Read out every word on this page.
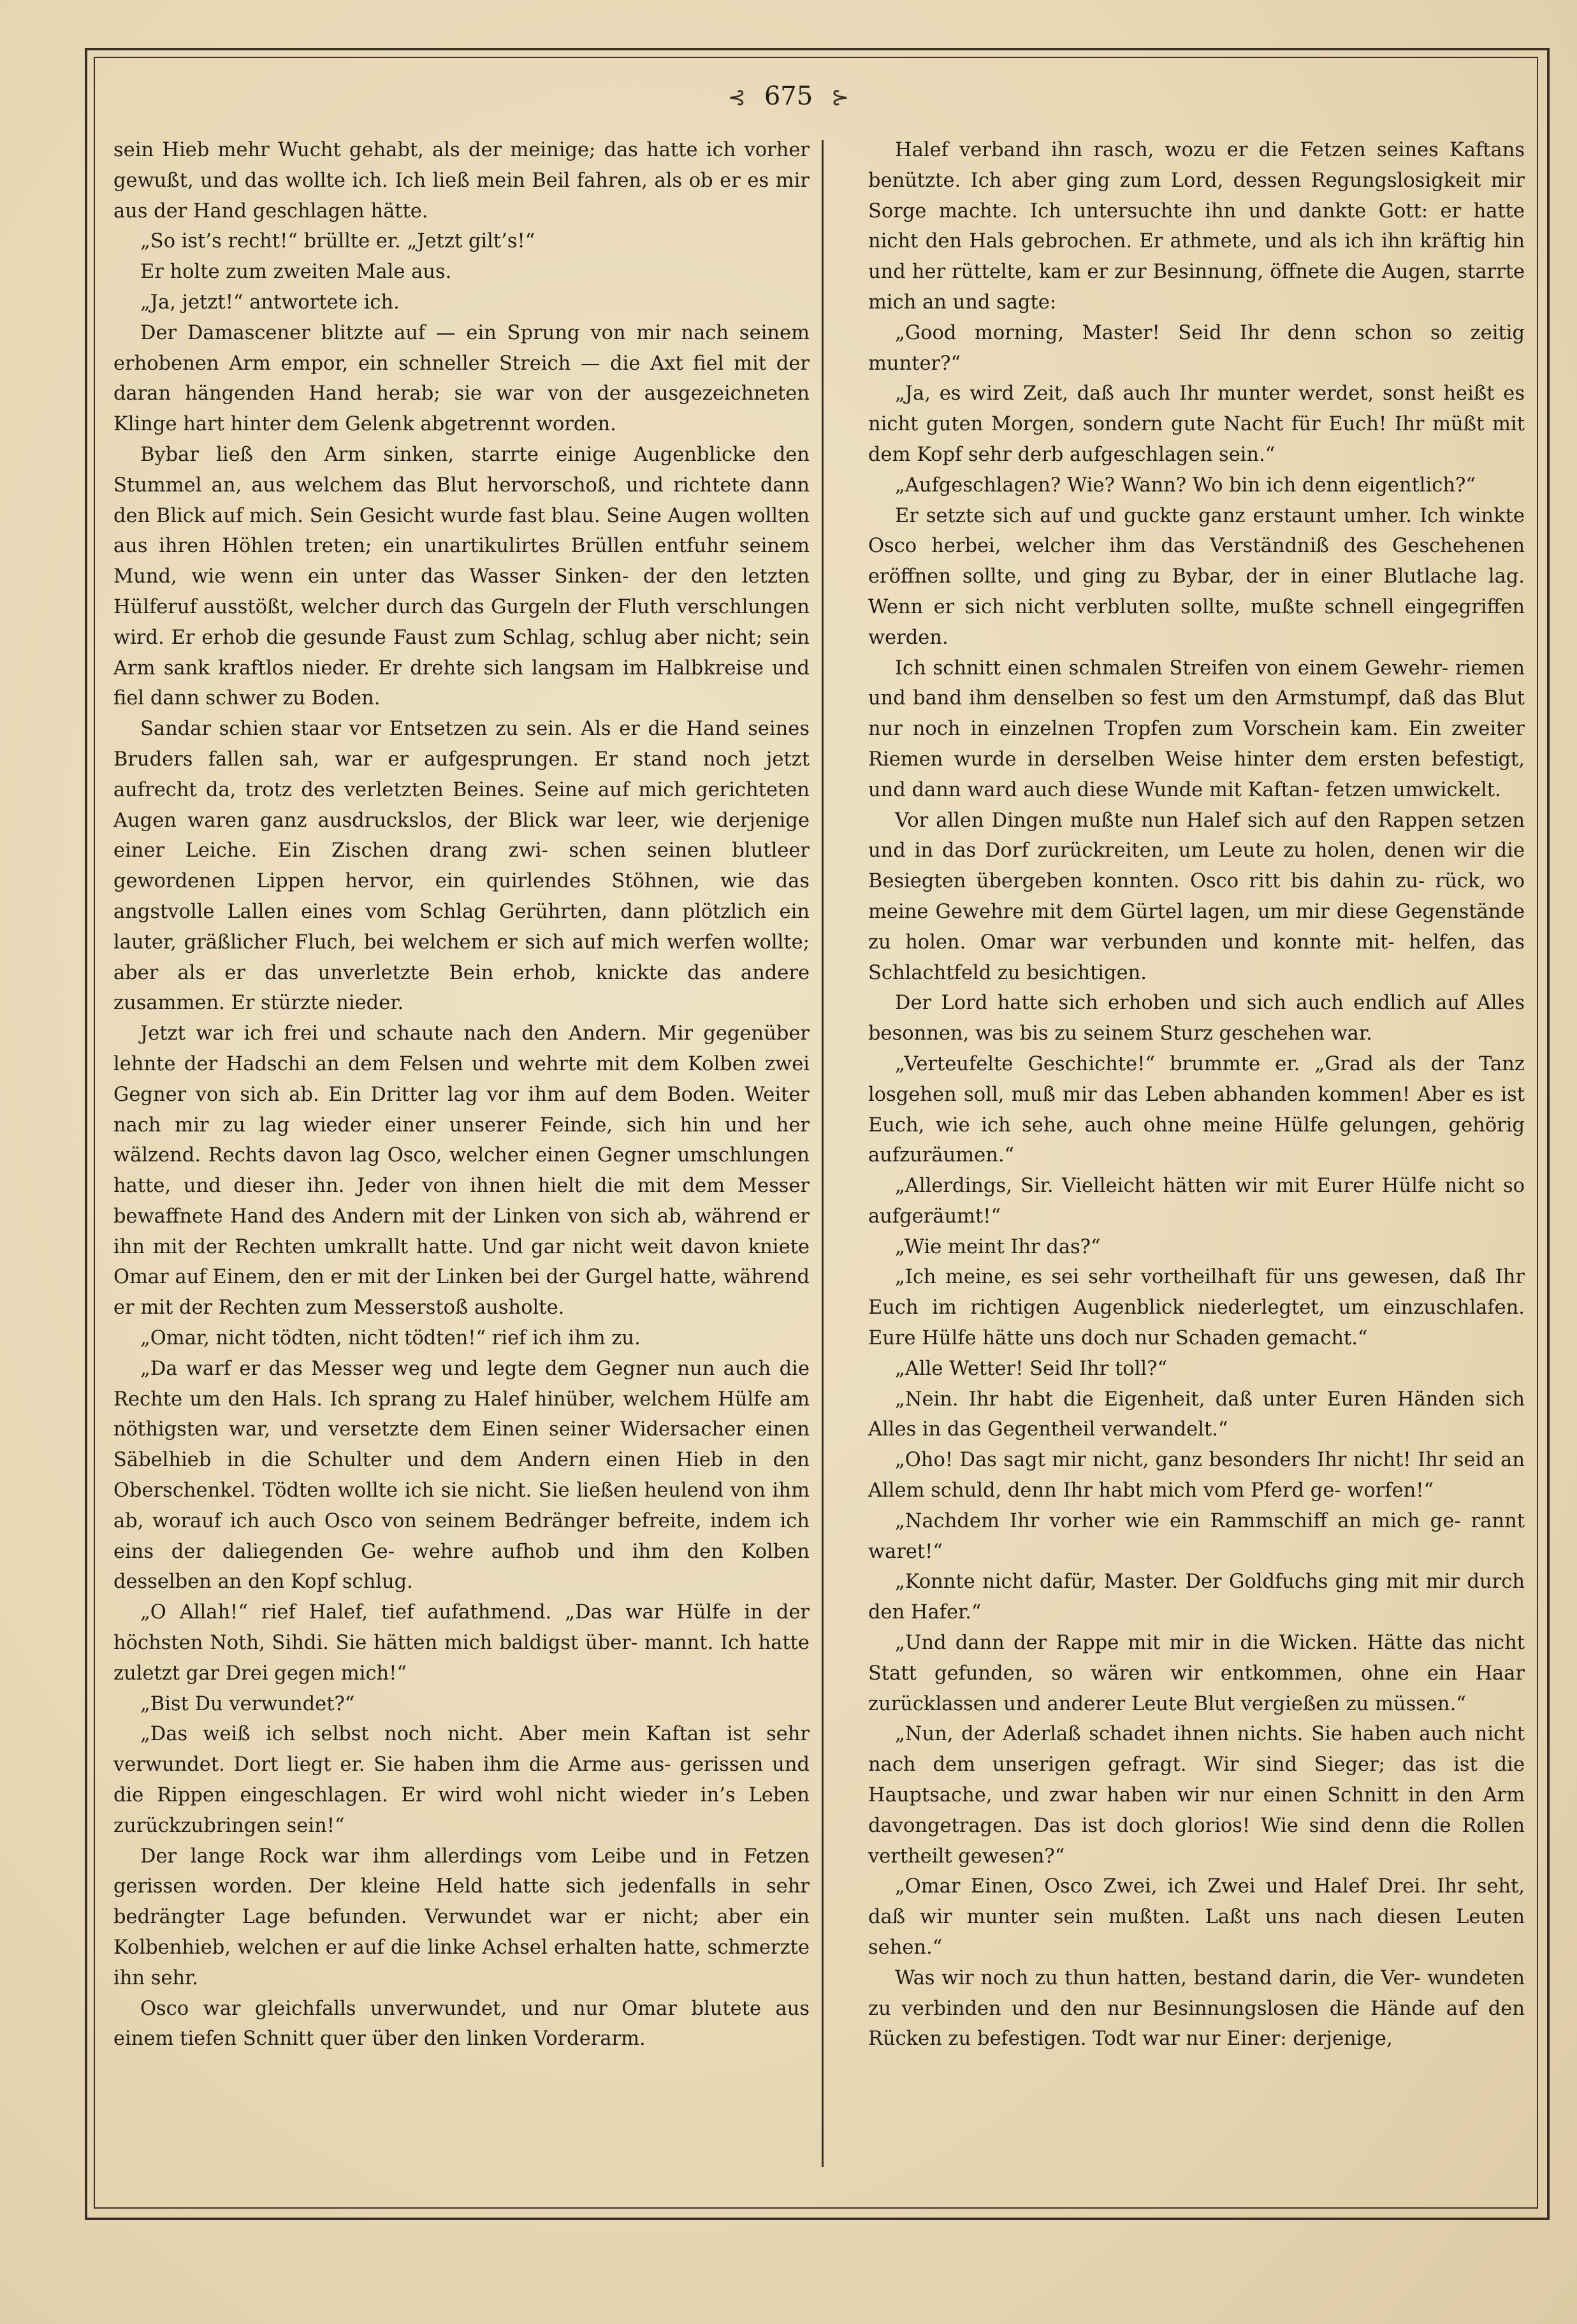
⊰ 675 ⊱

sein Hieb mehr Wucht gehabt, als der meinige; das hatte ich vorher gewußt, und das wollte ich. Ich ließ mein Beil fahren, als ob er es mir aus der Hand geschlagen hätte.

„So ist’s recht!“ brüllte er. „Jetzt gilt’s!“

Er holte zum zweiten Male aus.

„Ja, jetzt!“ antwortete ich.

Der Damascener blitzte auf — ein Sprung von mir nach seinem erhobenen Arm empor, ein schneller Streich — die Axt fiel mit der daran hängenden Hand herab; sie war von der ausgezeichneten Klinge hart hinter dem Gelenk abgetrennt worden.

Bybar ließ den Arm sinken, starrte einige Augenblicke den Stummel an, aus welchem das Blut hervorschoß, und richtete dann den Blick auf mich. Sein Gesicht wurde fast blau. Seine Augen wollten aus ihren Höhlen treten; ein unartikulirtes Brüllen entfuhr seinem Mund, wie wenn ein unter das Wasser Sinken- der den letzten Hülferuf ausstößt, welcher durch das Gurgeln der Fluth verschlungen wird. Er erhob die gesunde Faust zum Schlag, schlug aber nicht; sein Arm sank kraftlos nieder. Er drehte sich langsam im Halbkreise und fiel dann schwer zu Boden.

Sandar schien staar vor Entsetzen zu sein. Als er die Hand seines Bruders fallen sah, war er aufgesprungen. Er stand noch jetzt aufrecht da, trotz des verletzten Beines. Seine auf mich gerichteten Augen waren ganz ausdruckslos, der Blick war leer, wie derjenige einer Leiche. Ein Zischen drang zwi- schen seinen blutleer gewordenen Lippen hervor, ein quirlendes Stöhnen, wie das angstvolle Lallen eines vom Schlag Gerührten, dann plötzlich ein lauter, gräßlicher Fluch, bei welchem er sich auf mich werfen wollte; aber als er das unverletzte Bein erhob, knickte das andere zusammen. Er stürzte nieder.

Jetzt war ich frei und schaute nach den Andern. Mir gegenüber lehnte der Hadschi an dem Felsen und wehrte mit dem Kolben zwei Gegner von sich ab. Ein Dritter lag vor ihm auf dem Boden. Weiter nach mir zu lag wieder einer unserer Feinde, sich hin und her wälzend. Rechts davon lag Osco, welcher einen Gegner umschlungen hatte, und dieser ihn. Jeder von ihnen hielt die mit dem Messer bewaffnete Hand des Andern mit der Linken von sich ab, während er ihn mit der Rechten umkrallt hatte. Und gar nicht weit davon kniete Omar auf Einem, den er mit der Linken bei der Gurgel hatte, während er mit der Rechten zum Messerstoß ausholte.

„Omar, nicht tödten, nicht tödten!“ rief ich ihm zu.

„Da warf er das Messer weg und legte dem Gegner nun auch die Rechte um den Hals. Ich sprang zu Halef hinüber, welchem Hülfe am nöthigsten war, und versetzte dem Einen seiner Widersacher einen Säbelhieb in die Schulter und dem Andern einen Hieb in den Oberschenkel. Tödten wollte ich sie nicht. Sie ließen heulend von ihm ab, worauf ich auch Osco von seinem Bedränger befreite, indem ich eins der daliegenden Ge- wehre aufhob und ihm den Kolben desselben an den Kopf schlug.

„O Allah!“ rief Halef, tief aufathmend. „Das war Hülfe in der höchsten Noth, Sihdi. Sie hätten mich baldigst über- mannt. Ich hatte zuletzt gar Drei gegen mich!“

„Bist Du verwundet?“

„Das weiß ich selbst noch nicht. Aber mein Kaftan ist sehr verwundet. Dort liegt er. Sie haben ihm die Arme aus- gerissen und die Rippen eingeschlagen. Er wird wohl nicht wieder in’s Leben zurückzubringen sein!“

Der lange Rock war ihm allerdings vom Leibe und in Fetzen gerissen worden. Der kleine Held hatte sich jedenfalls in sehr bedrängter Lage befunden. Verwundet war er nicht; aber ein Kolbenhieb, welchen er auf die linke Achsel erhalten hatte, schmerzte ihn sehr.

Osco war gleichfalls unverwundet, und nur Omar blutete aus einem tiefen Schnitt quer über den linken Vorderarm.

Halef verband ihn rasch, wozu er die Fetzen seines Kaftans benützte. Ich aber ging zum Lord, dessen Regungslosigkeit mir Sorge machte. Ich untersuchte ihn und dankte Gott: er hatte nicht den Hals gebrochen. Er athmete, und als ich ihn kräftig hin und her rüttelte, kam er zur Besinnung, öffnete die Augen, starrte mich an und sagte:

„Good morning, Master! Seid Ihr denn schon so zeitig munter?“

„Ja, es wird Zeit, daß auch Ihr munter werdet, sonst heißt es nicht guten Morgen, sondern gute Nacht für Euch! Ihr müßt mit dem Kopf sehr derb aufgeschlagen sein.“

„Aufgeschlagen? Wie? Wann? Wo bin ich denn eigentlich?“

Er setzte sich auf und guckte ganz erstaunt umher. Ich winkte Osco herbei, welcher ihm das Verständniß des Geschehenen eröffnen sollte, und ging zu Bybar, der in einer Blutlache lag. Wenn er sich nicht verbluten sollte, mußte schnell eingegriffen werden.

Ich schnitt einen schmalen Streifen von einem Gewehr- riemen und band ihm denselben so fest um den Armstumpf, daß das Blut nur noch in einzelnen Tropfen zum Vorschein kam. Ein zweiter Riemen wurde in derselben Weise hinter dem ersten befestigt, und dann ward auch diese Wunde mit Kaftan- fetzen umwickelt.

Vor allen Dingen mußte nun Halef sich auf den Rappen setzen und in das Dorf zurückreiten, um Leute zu holen, denen wir die Besiegten übergeben konnten. Osco ritt bis dahin zu- rück, wo meine Gewehre mit dem Gürtel lagen, um mir diese Gegenstände zu holen. Omar war verbunden und konnte mit- helfen, das Schlachtfeld zu besichtigen.

Der Lord hatte sich erhoben und sich auch endlich auf Alles besonnen, was bis zu seinem Sturz geschehen war.

„Verteufelte Geschichte!“ brummte er. „Grad als der Tanz losgehen soll, muß mir das Leben abhanden kommen! Aber es ist Euch, wie ich sehe, auch ohne meine Hülfe gelungen, gehörig aufzuräumen.“

„Allerdings, Sir. Vielleicht hätten wir mit Eurer Hülfe nicht so aufgeräumt!“

„Wie meint Ihr das?“

„Ich meine, es sei sehr vortheilhaft für uns gewesen, daß Ihr Euch im richtigen Augenblick niederlegtet, um einzuschlafen. Eure Hülfe hätte uns doch nur Schaden gemacht.“

„Alle Wetter! Seid Ihr toll?“

„Nein. Ihr habt die Eigenheit, daß unter Euren Händen sich Alles in das Gegentheil verwandelt.“

„Oho! Das sagt mir nicht, ganz besonders Ihr nicht! Ihr seid an Allem schuld, denn Ihr habt mich vom Pferd ge- worfen!“

„Nachdem Ihr vorher wie ein Rammschiff an mich ge- rannt waret!“

„Konnte nicht dafür, Master. Der Goldfuchs ging mit mir durch den Hafer.“

„Und dann der Rappe mit mir in die Wicken. Hätte das nicht Statt gefunden, so wären wir entkommen, ohne ein Haar zurücklassen und anderer Leute Blut vergießen zu müssen.“

„Nun, der Aderlaß schadet ihnen nichts. Sie haben auch nicht nach dem unserigen gefragt. Wir sind Sieger; das ist die Hauptsache, und zwar haben wir nur einen Schnitt in den Arm davongetragen. Das ist doch glorios! Wie sind denn die Rollen vertheilt gewesen?“

„Omar Einen, Osco Zwei, ich Zwei und Halef Drei. Ihr seht, daß wir munter sein mußten. Laßt uns nach diesen Leuten sehen.“

Was wir noch zu thun hatten, bestand darin, die Ver- wundeten zu verbinden und den nur Besinnungslosen die Hände auf den Rücken zu befestigen. Todt war nur Einer: derjenige,
